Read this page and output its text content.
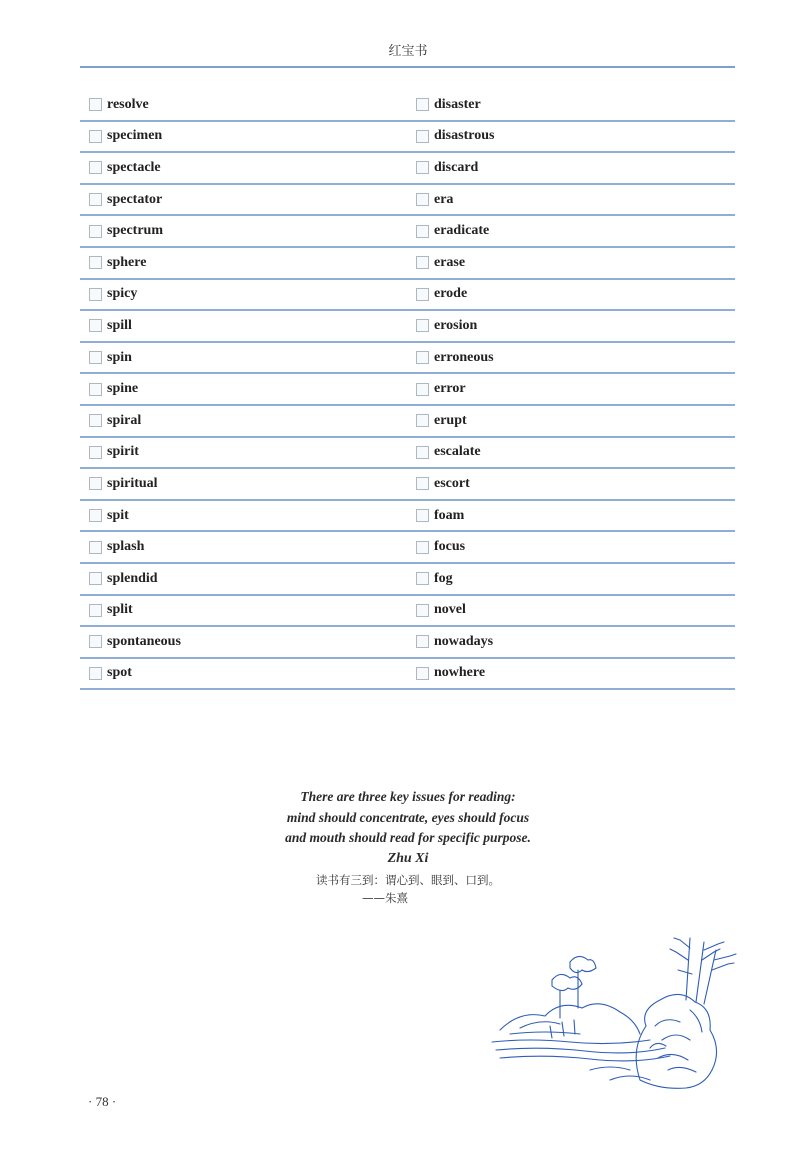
红宝书
resolve	disaster
specimen	disastrous
spectacle	discard
spectator	era
spectrum	eradicate
sphere	erase
spicy	erode
spill	erosion
spin	erroneous
spine	error
spiral	erupt
spirit	escalate
spiritual	escort
spit	foam
splash	focus
splendid	fog
split	novel
spontaneous	nowadays
spot	nowhere
There are three key issues for reading:
mind should concentrate, eyes should focus
and mouth should read for specific purpose.
Zhu Xi
读书有三到：谓心到、眼到、口到。
——朱熹
· 78 ·
